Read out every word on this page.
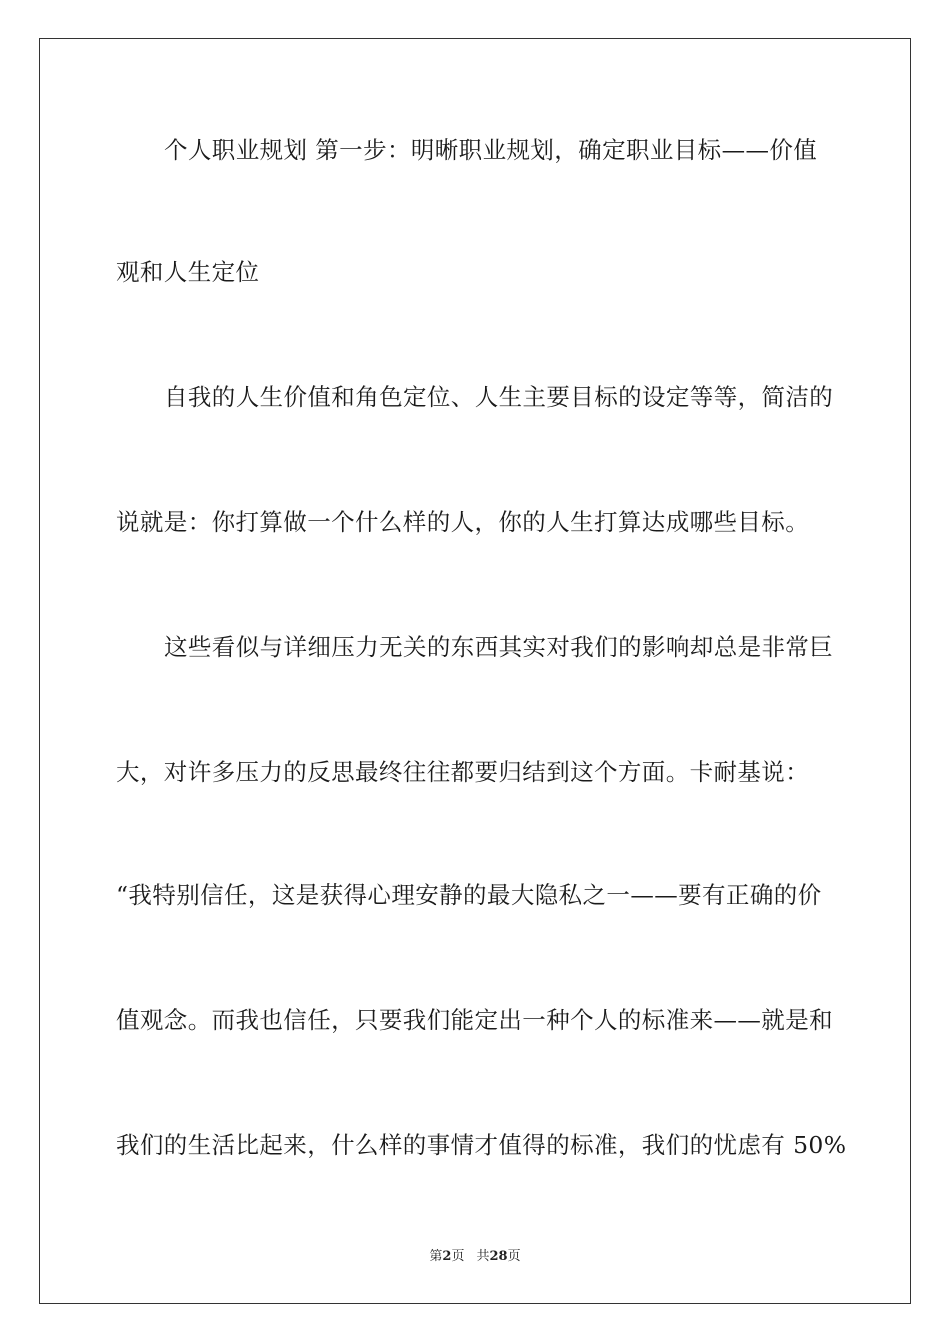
个人职业规划 第一步：明晰职业规划，确定职业目标——价值
观和人生定位
自我的人生价值和角色定位、人生主要目标的设定等等，简洁的
说就是：你打算做一个什么样的人，你的人生打算达成哪些目标。
这些看似与详细压力无关的东西其实对我们的影响却总是非常巨
大，对许多压力的反思最终往往都要归结到这个方面。卡耐基说：
“我特别信任，这是获得心理安静的最大隐私之一——要有正确的价
值观念。而我也信任，只要我们能定出一种个人的标准来——就是和
我们的生活比起来，什么样的事情才值得的标准，我们的忧虑有 50%
第2页 共28页
